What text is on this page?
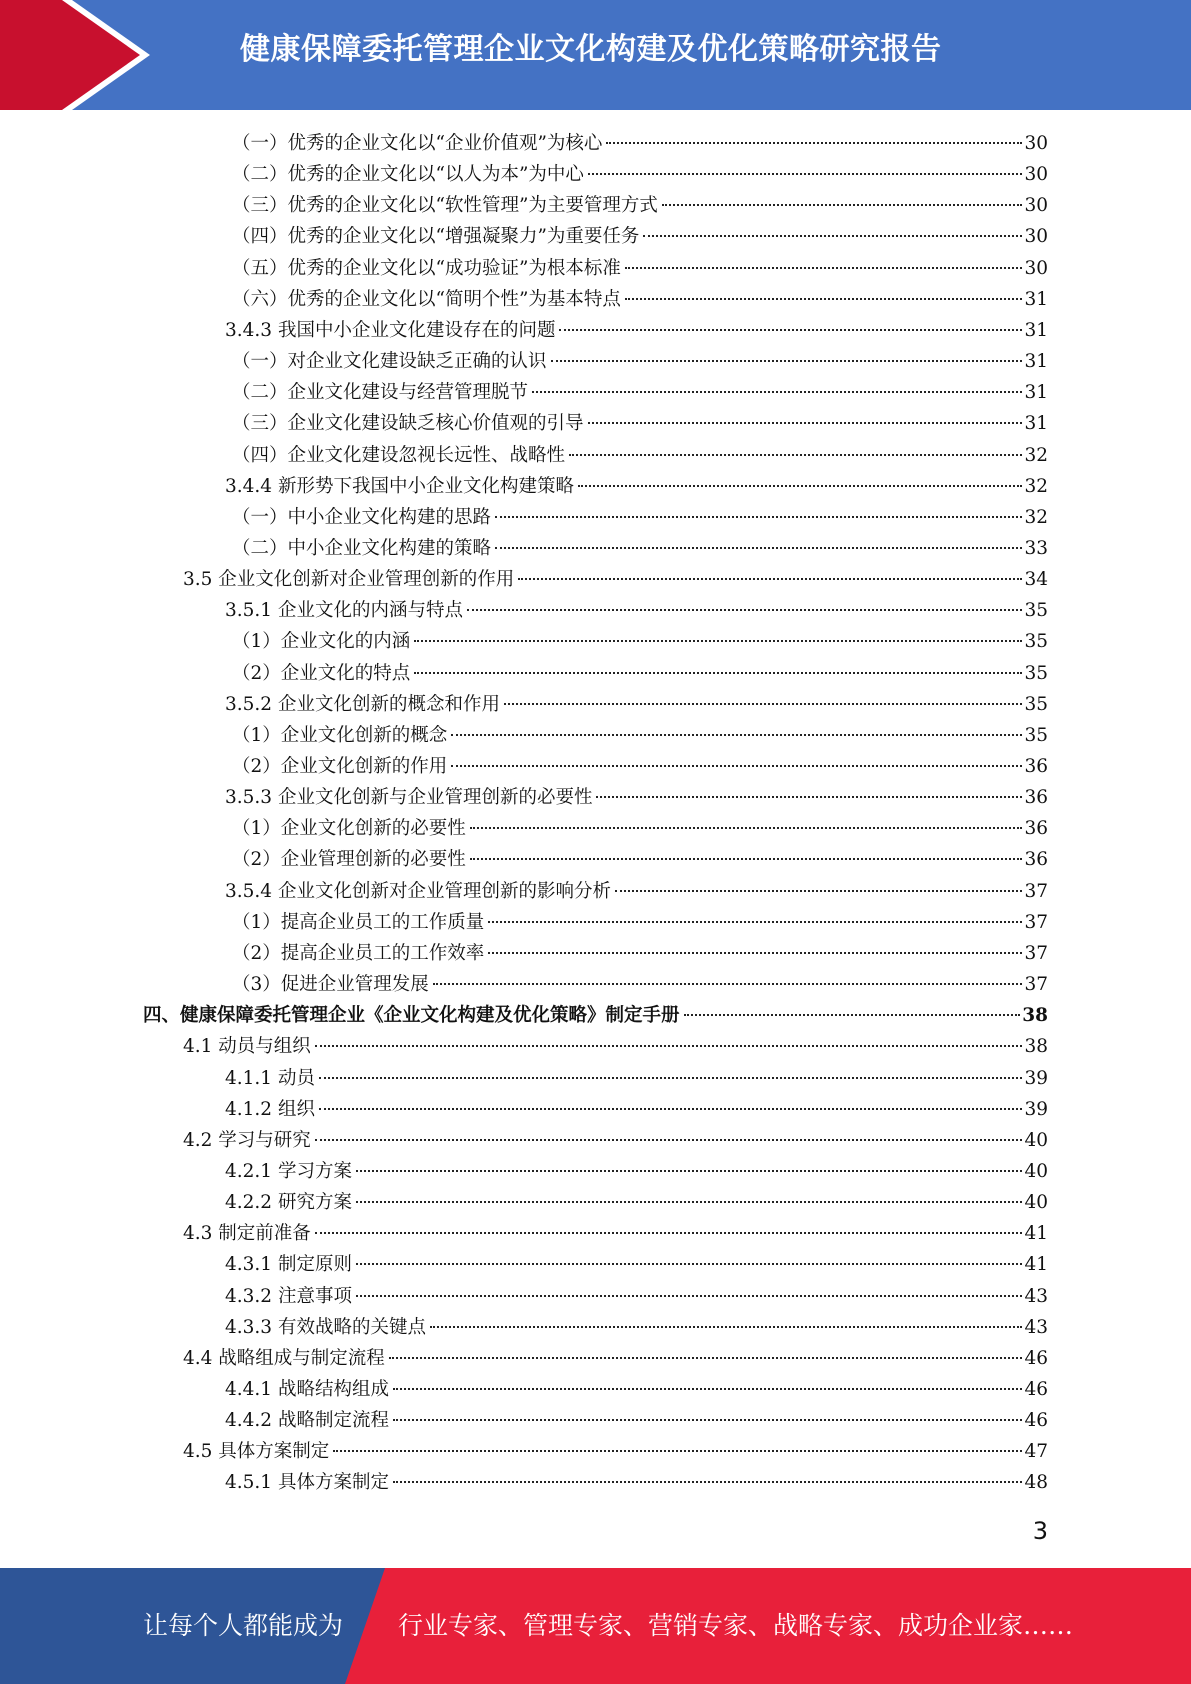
健康保障委托管理企业文化构建及优化策略研究报告
（一）优秀的企业文化以“企业价值观”为核心	30
（二）优秀的企业文化以“以人为本”为中心	30
（三）优秀的企业文化以“软性管理”为主要管理方式	30
（四）优秀的企业文化以“增强凝聚力”为重要任务	30
（五）优秀的企业文化以“成功验证”为根本标准	30
（六）优秀的企业文化以“简明个性”为基本特点	31
3.4.3 我国中小企业文化建设存在的问题	31
（一）对企业文化建设缺乏正确的认识	31
（二）企业文化建设与经营管理脱节	31
（三）企业文化建设缺乏核心价值观的引导	31
（四）企业文化建设忽视长远性、战略性	32
3.4.4 新形势下我国中小企业文化构建策略	32
（一）中小企业文化构建的思路	32
（二）中小企业文化构建的策略	33
3.5 企业文化创新对企业管理创新的作用	34
3.5.1 企业文化的内涵与特点	35
（1）企业文化的内涵	35
（2）企业文化的特点	35
3.5.2 企业文化创新的概念和作用	35
（1）企业文化创新的概念	35
（2）企业文化创新的作用	36
3.5.3 企业文化创新与企业管理创新的必要性	36
（1）企业文化创新的必要性	36
（2）企业管理创新的必要性	36
3.5.4 企业文化创新对企业管理创新的影响分析	37
（1）提高企业员工的工作质量	37
（2）提高企业员工的工作效率	37
（3）促进企业管理发展	37
四、健康保障委托管理企业《企业文化构建及优化策略》制定手册	38
4.1 动员与组织	38
4.1.1 动员	39
4.1.2 组织	39
4.2 学习与研究	40
4.2.1 学习方案	40
4.2.2 研究方案	40
4.3 制定前准备	41
4.3.1 制定原则	41
4.3.2 注意事项	43
4.3.3 有效战略的关键点	43
4.4 战略组成与制定流程	46
4.4.1 战略结构组成	46
4.4.2 战略制定流程	46
4.5 具体方案制定	47
4.5.1 具体方案制定	48
3
让每个人都能成为 行业专家、管理专家、营销专家、战略专家、成功企业家……
